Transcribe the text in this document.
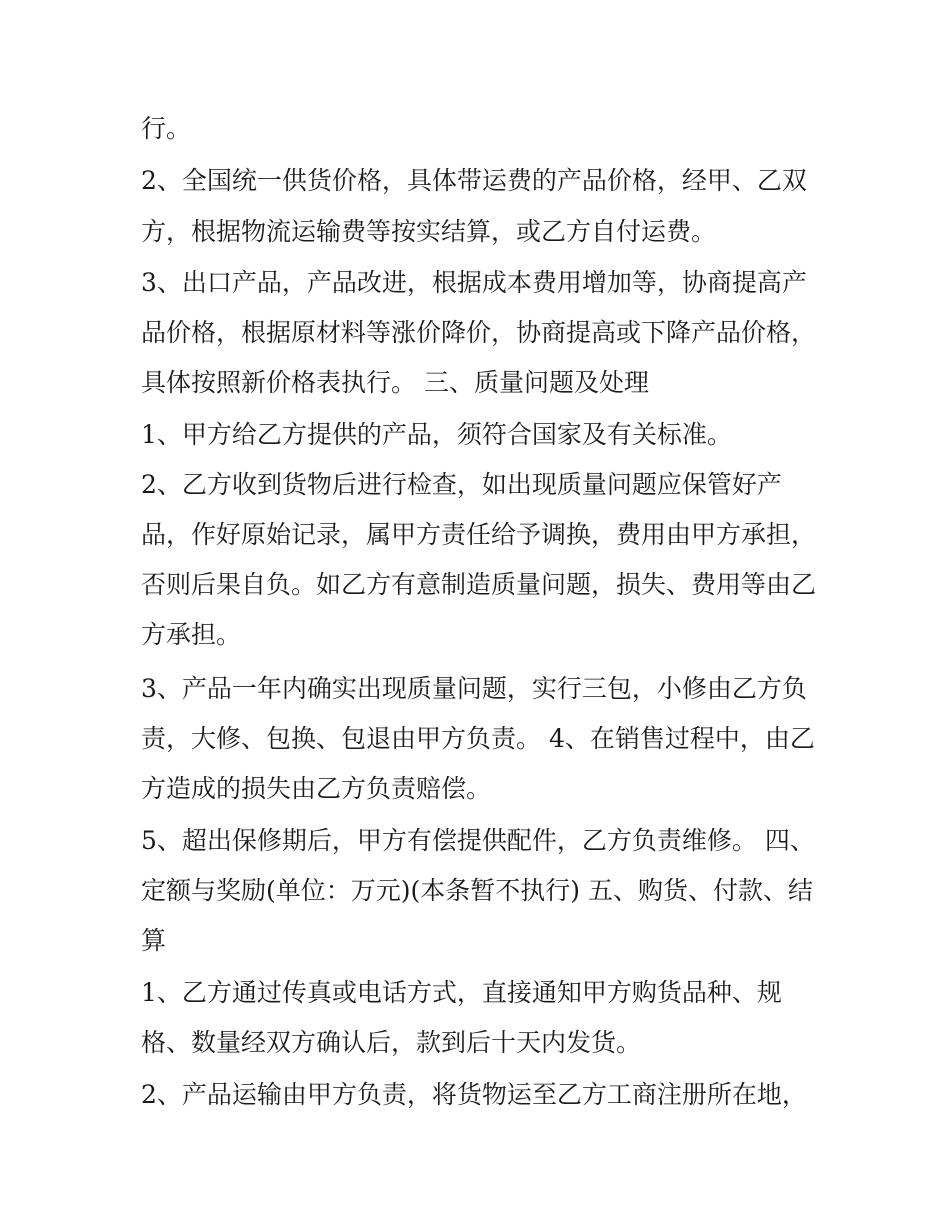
行。

2、全国统一供货价格，具体带运费的产品价格，经甲、乙双

方，根据物流运输费等按实结算，或乙方自付运费。

3、出口产品，产品改进，根据成本费用增加等，协商提高产

品价格，根据原材料等涨价降价，协商提高或下降产品价格，

具体按照新价格表执行。 三、质量问题及处理

1、甲方给乙方提供的产品，须符合国家及有关标准。

2、乙方收到货物后进行检查，如出现质量问题应保管好产

品，作好原始记录，属甲方责任给予调换，费用由甲方承担，

否则后果自负。如乙方有意制造质量问题，损失、费用等由乙

方承担。

3、产品一年内确实出现质量问题，实行三包，小修由乙方负

责，大修、包换、包退由甲方负责。 4、在销售过程中，由乙

方造成的损失由乙方负责赔偿。

5、超出保修期后，甲方有偿提供配件，乙方负责维修。 四、

定额与奖励(单位：万元)(本条暂不执行) 五、购货、付款、结

算

1、乙方通过传真或电话方式，直接通知甲方购货品种、规

格、数量经双方确认后，款到后十天内发货。

2、产品运输由甲方负责，将货物运至乙方工商注册所在地，
